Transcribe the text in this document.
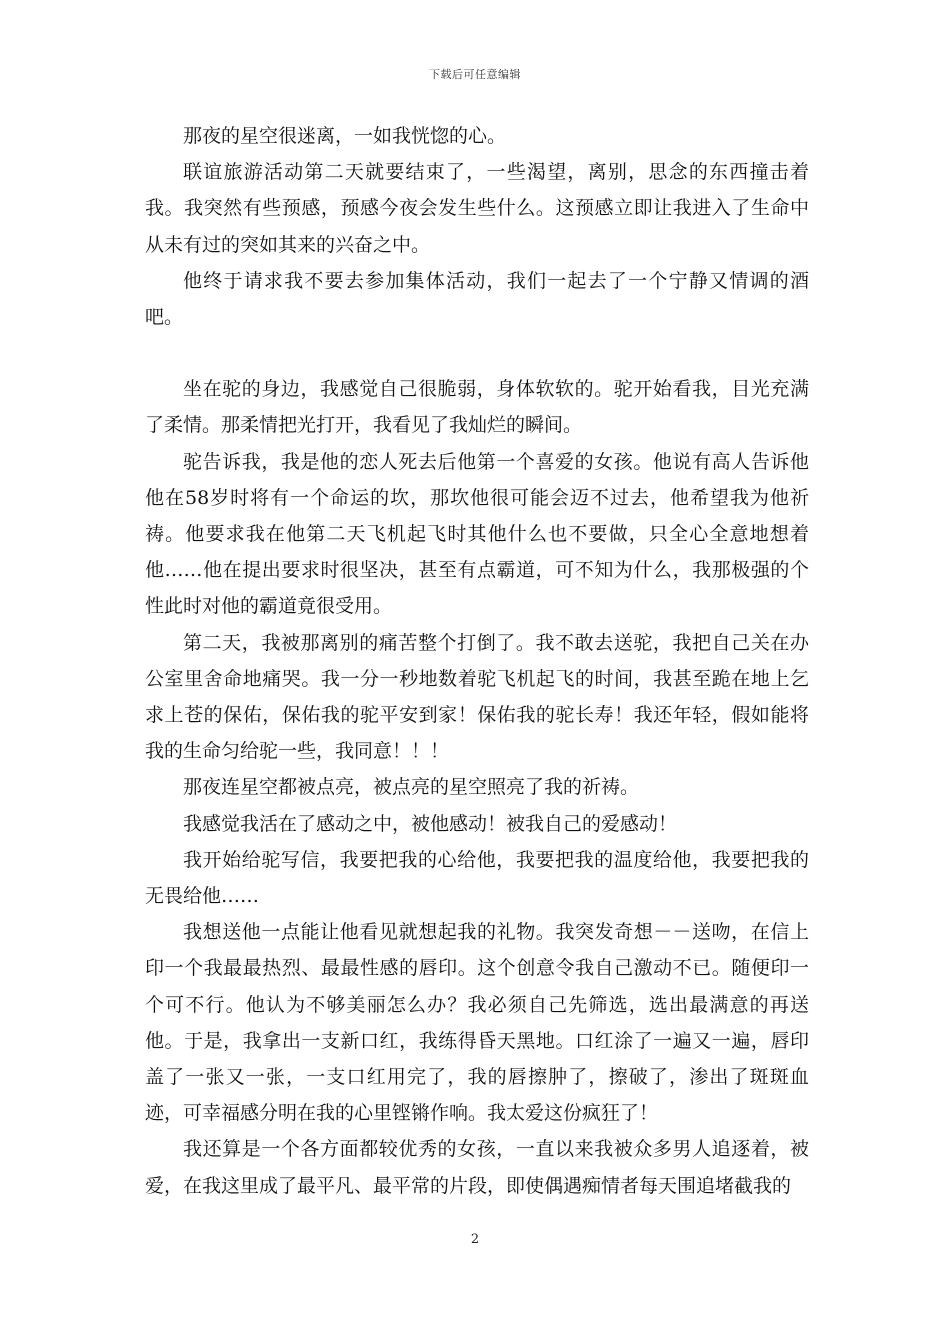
下载后可任意编辑

那夜的星空很迷离，一如我恍惚的心。

联谊旅游活动第二天就要结束了，一些渴望，离别，思念的东西撞击着我。我突然有些预感，预感今夜会发生些什么。这预感立即让我进入了生命中从未有过的突如其来的兴奋之中。

他终于请求我不要去参加集体活动，我们一起去了一个宁静又情调的酒吧。

坐在驼的身边，我感觉自己很脆弱，身体软软的。驼开始看我，目光充满了柔情。那柔情把光打开，我看见了我灿烂的瞬间。

驼告诉我，我是他的恋人死去后他第一个喜爱的女孩。他说有高人告诉他他在58岁时将有一个命运的坎，那坎他很可能会迈不过去，他希望我为他祈祷。他要求我在他第二天飞机起飞时其他什么也不要做，只全心全意地想着他……他在提出要求时很坚决，甚至有点霸道，可不知为什么，我那极强的个性此时对他的霸道竟很受用。

第二天，我被那离别的痛苦整个打倒了。我不敢去送驼，我把自己关在办公室里舍命地痛哭。我一分一秒地数着驼飞机起飞的时间，我甚至跪在地上乞求上苍的保佑，保佑我的驼平安到家！保佑我的驼长寿！我还年轻，假如能将我的生命匀给驼一些，我同意！！！

那夜连星空都被点亮，被点亮的星空照亮了我的祈祷。

我感觉我活在了感动之中，被他感动！被我自己的爱感动！

我开始给驼写信，我要把我的心给他，我要把我的温度给他，我要把我的无畏给他……

我想送他一点能让他看见就想起我的礼物。我突发奇想－－送吻，在信上印一个我最最热烈、最最性感的唇印。这个创意令我自己激动不已。随便印一个可不行。他认为不够美丽怎么办？我必须自己先筛选，选出最满意的再送他。于是，我拿出一支新口红，我练得昏天黑地。口红涂了一遍又一遍，唇印盖了一张又一张，一支口红用完了，我的唇擦肿了，擦破了，渗出了斑斑血迹，可幸福感分明在我的心里铿锵作响。我太爱这份疯狂了！

我还算是一个各方面都较优秀的女孩，一直以来我被众多男人追逐着，被爱，在我这里成了最平凡、最平常的片段，即使偶遇痴情者每天围追堵截我的

2
